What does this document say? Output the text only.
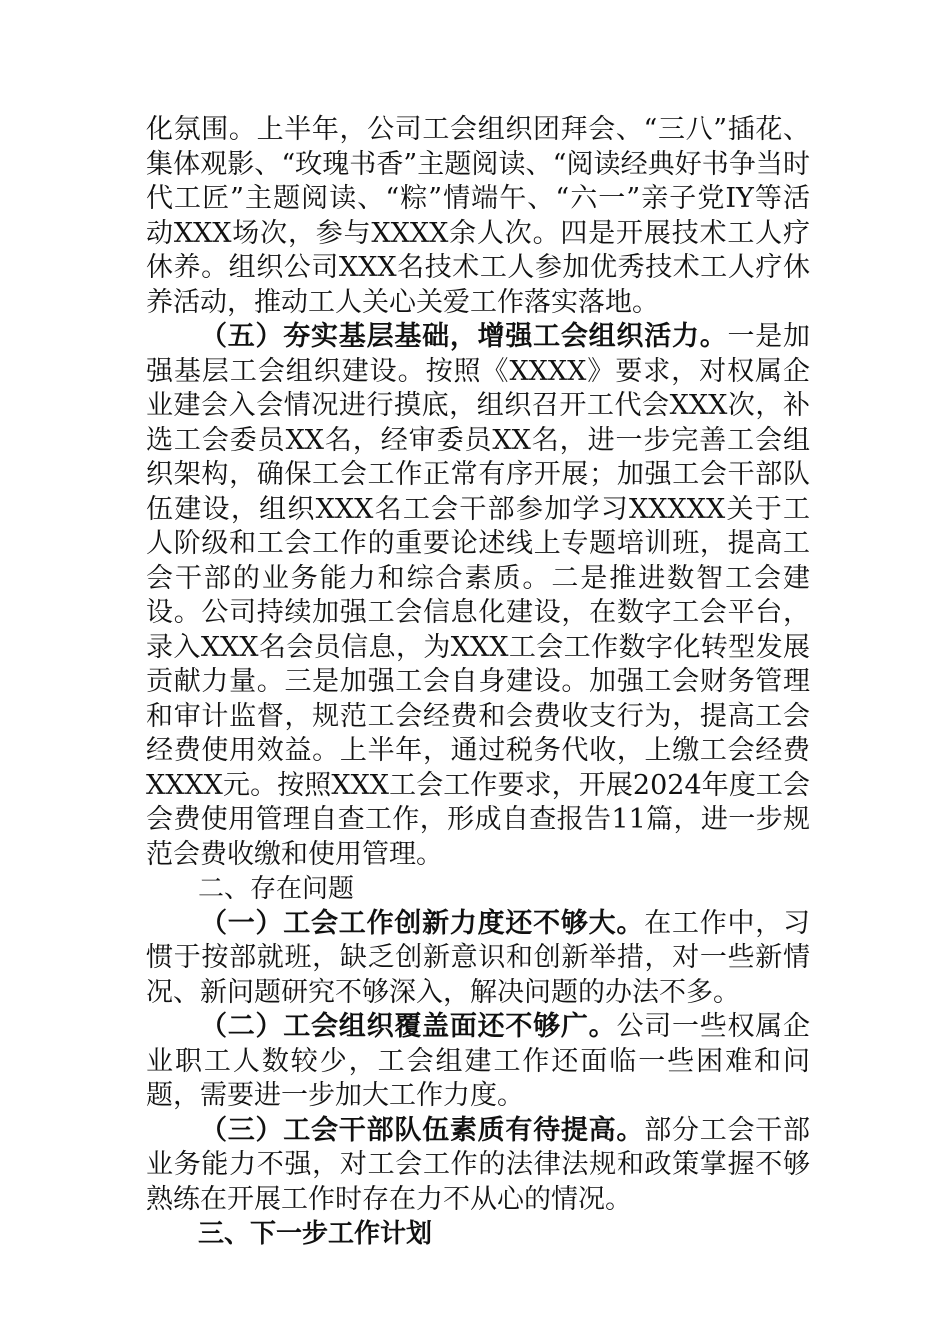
化氛围。上半年，公司工会组织团拜会、“三八”插花、集体观影、“玫瑰书香”主题阅读、“阅读经典好书争当时代工匠”主题阅读、“粽”情端午、“六一”亲子党IY等活动XXX场次，参与XXXX余人次。四是开展技术工人疗休养。组织公司XXX名技术工人参加优秀技术工人疗休养活动，推动工人关心关爱工作落实落地。

（五）夯实基层基础，增强工会组织活力。一是加强基层工会组织建设。按照《XXXX》要求，对权属企业建会入会情况进行摸底，组织召开工代会XXX次，补选工会委员XX名，经审委员XX名，进一步完善工会组织架构，确保工会工作正常有序开展；加强工会干部队伍建设，组织XXX名工会干部参加学习XXXXX关于工人阶级和工会工作的重要论述线上专题培训班，提高工会干部的业务能力和综合素质。二是推进数智工会建设。公司持续加强工会信息化建设，在数字工会平台，录入XXX名会员信息，为XXX工会工作数字化转型发展贡献力量。三是加强工会自身建设。加强工会财务管理和审计监督，规范工会经费和会费收支行为，提高工会经费使用效益。上半年，通过税务代收，上缴工会经费XXXX元。按照XXX工会工作要求，开展2024年度工会会费使用管理自查工作，形成自查报告11篇，进一步规范会费收缴和使用管理。

二、存在问题

（一）工会工作创新力度还不够大。在工作中，习惯于按部就班，缺乏创新意识和创新举措，对一些新情况、新问题研究不够深入，解决问题的办法不多。

（二）工会组织覆盖面还不够广。公司一些权属企业职工人数较少，工会组建工作还面临一些困难和问题，需要进一步加大工作力度。

（三）工会干部队伍素质有待提高。部分工会干部业务能力不强，对工会工作的法律法规和政策掌握不够熟练在开展工作时存在力不从心的情况。

三、下一步工作计划
